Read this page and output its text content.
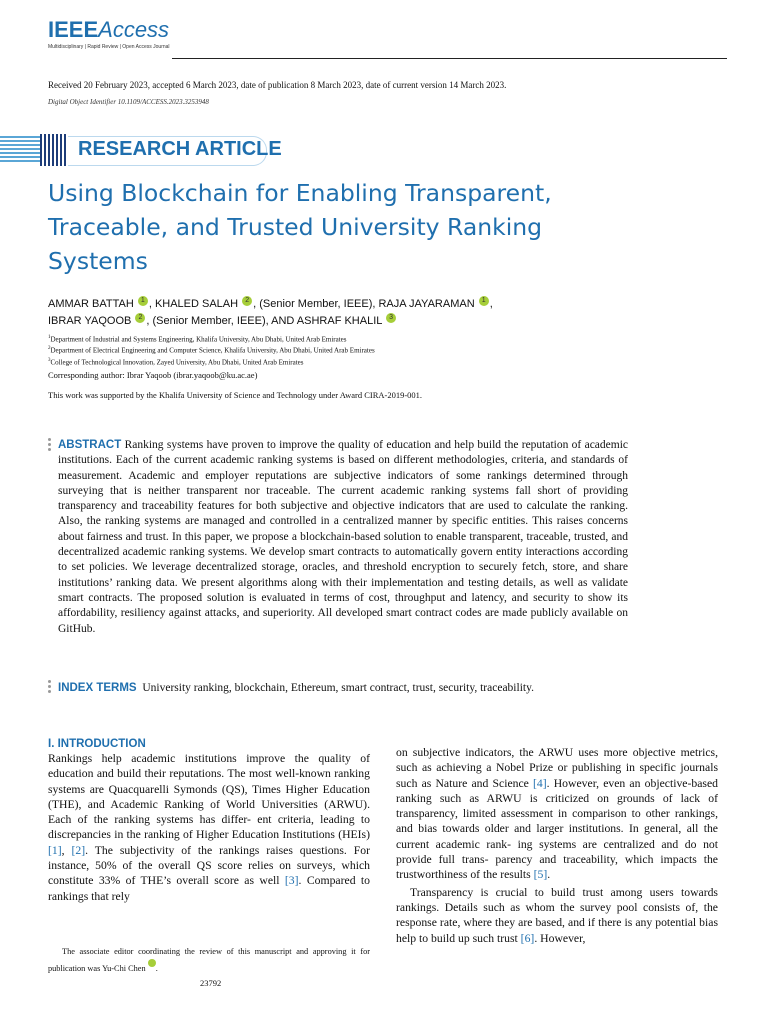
IEEEAccess
Multidisciplinary | Rapid Review | Open Access Journal
Received 20 February 2023, accepted 6 March 2023, date of publication 8 March 2023, date of current version 14 March 2023.
Digital Object Identifier 10.1109/ACCESS.2023.3253948
RESEARCH ARTICLE
Using Blockchain for Enabling Transparent, Traceable, and Trusted University Ranking Systems
AMMAR BATTAH 1 , KHALED SALAH 2 , (Senior Member, IEEE), RAJA JAYARAMAN 1 ,
IBRAR YAQOOB 2 , (Senior Member, IEEE), AND ASHRAF KHALIL 3
$^1$Department of Industrial and Systems Engineering, Khalifa University, Abu Dhabi, United Arab Emirates
$^2$Department of Electrical Engineering and Computer Science, Khalifa University, Abu Dhabi, United Arab Emirates
$^3$College of Technological Innovation, Zayed University, Abu Dhabi, United Arab Emirates
Corresponding author: Ibrar Yaqoob (ibrar.yaqoob@ku.ac.ae)
This work was supported by the Khalifa University of Science and Technology under Award CIRA-2019-001.
ABSTRACT Ranking systems have proven to improve the quality of education and help build the reputation of academic institutions. Each of the current academic ranking systems is based on different methodologies, criteria, and standards of measurement. Academic and employer reputations are subjective indicators of some rankings determined through surveying that is neither transparent nor traceable. The current academic ranking systems fall short of providing transparency and traceability features for both subjective and objective indicators that are used to calculate the ranking. Also, the ranking systems are managed and controlled in a centralized manner by specific entities. This raises concerns about fairness and trust. In this paper, we propose a blockchain-based solution to enable transparent, traceable, trusted, and decentralized academic ranking systems. We develop smart contracts to automatically govern entity interactions according to set policies. We leverage decentralized storage, oracles, and threshold encryption to securely fetch, store, and share institutions’ ranking data. We present algorithms along with their implementation and testing details, as well as validate smart contracts. The proposed solution is evaluated in terms of cost, throughput and latency, and security to show its affordability, resiliency against attacks, and superiority. All developed smart contract codes are made publicly available on GitHub.
INDEX TERMS University ranking, blockchain, Ethereum, smart contract, trust, security, traceability.
I. INTRODUCTION
Rankings help academic institutions improve the quality of education and build their reputations. The most well-known ranking systems are Quacquarelli Symonds (QS), Times Higher Education (THE), and Academic Ranking of World Universities (ARWU). Each of the ranking systems has differ- ent criteria, leading to discrepancies in the ranking of Higher Education Institutions (HEIs) [1], [2]. The subjectivity of the rankings raises questions. For instance, 50% of the overall QS score relies on surveys, which constitute 33% of THE’s overall score as well [3]. Compared to rankings that rely
on subjective indicators, the ARWU uses more objective metrics, such as achieving a Nobel Prize or publishing in specific journals such as Nature and Science [4]. However, even an objective-based ranking such as ARWU is criticized on grounds of lack of transparency, limited assessment in comparison to other rankings, and bias towards older and larger institutions. In general, all the current academic rank- ing systems are centralized and do not provide full trans- parency and traceability, which impacts the trustworthiness of the results [5].
Transparency is crucial to build trust among users towards rankings. Details such as whom the survey pool consists of, the response rate, where they are based, and if there is any potential bias help to build up such trust [6]. However,
The associate editor coordinating the review of this manuscript and approving it for publication was Yu-Chi Chen .
23792
